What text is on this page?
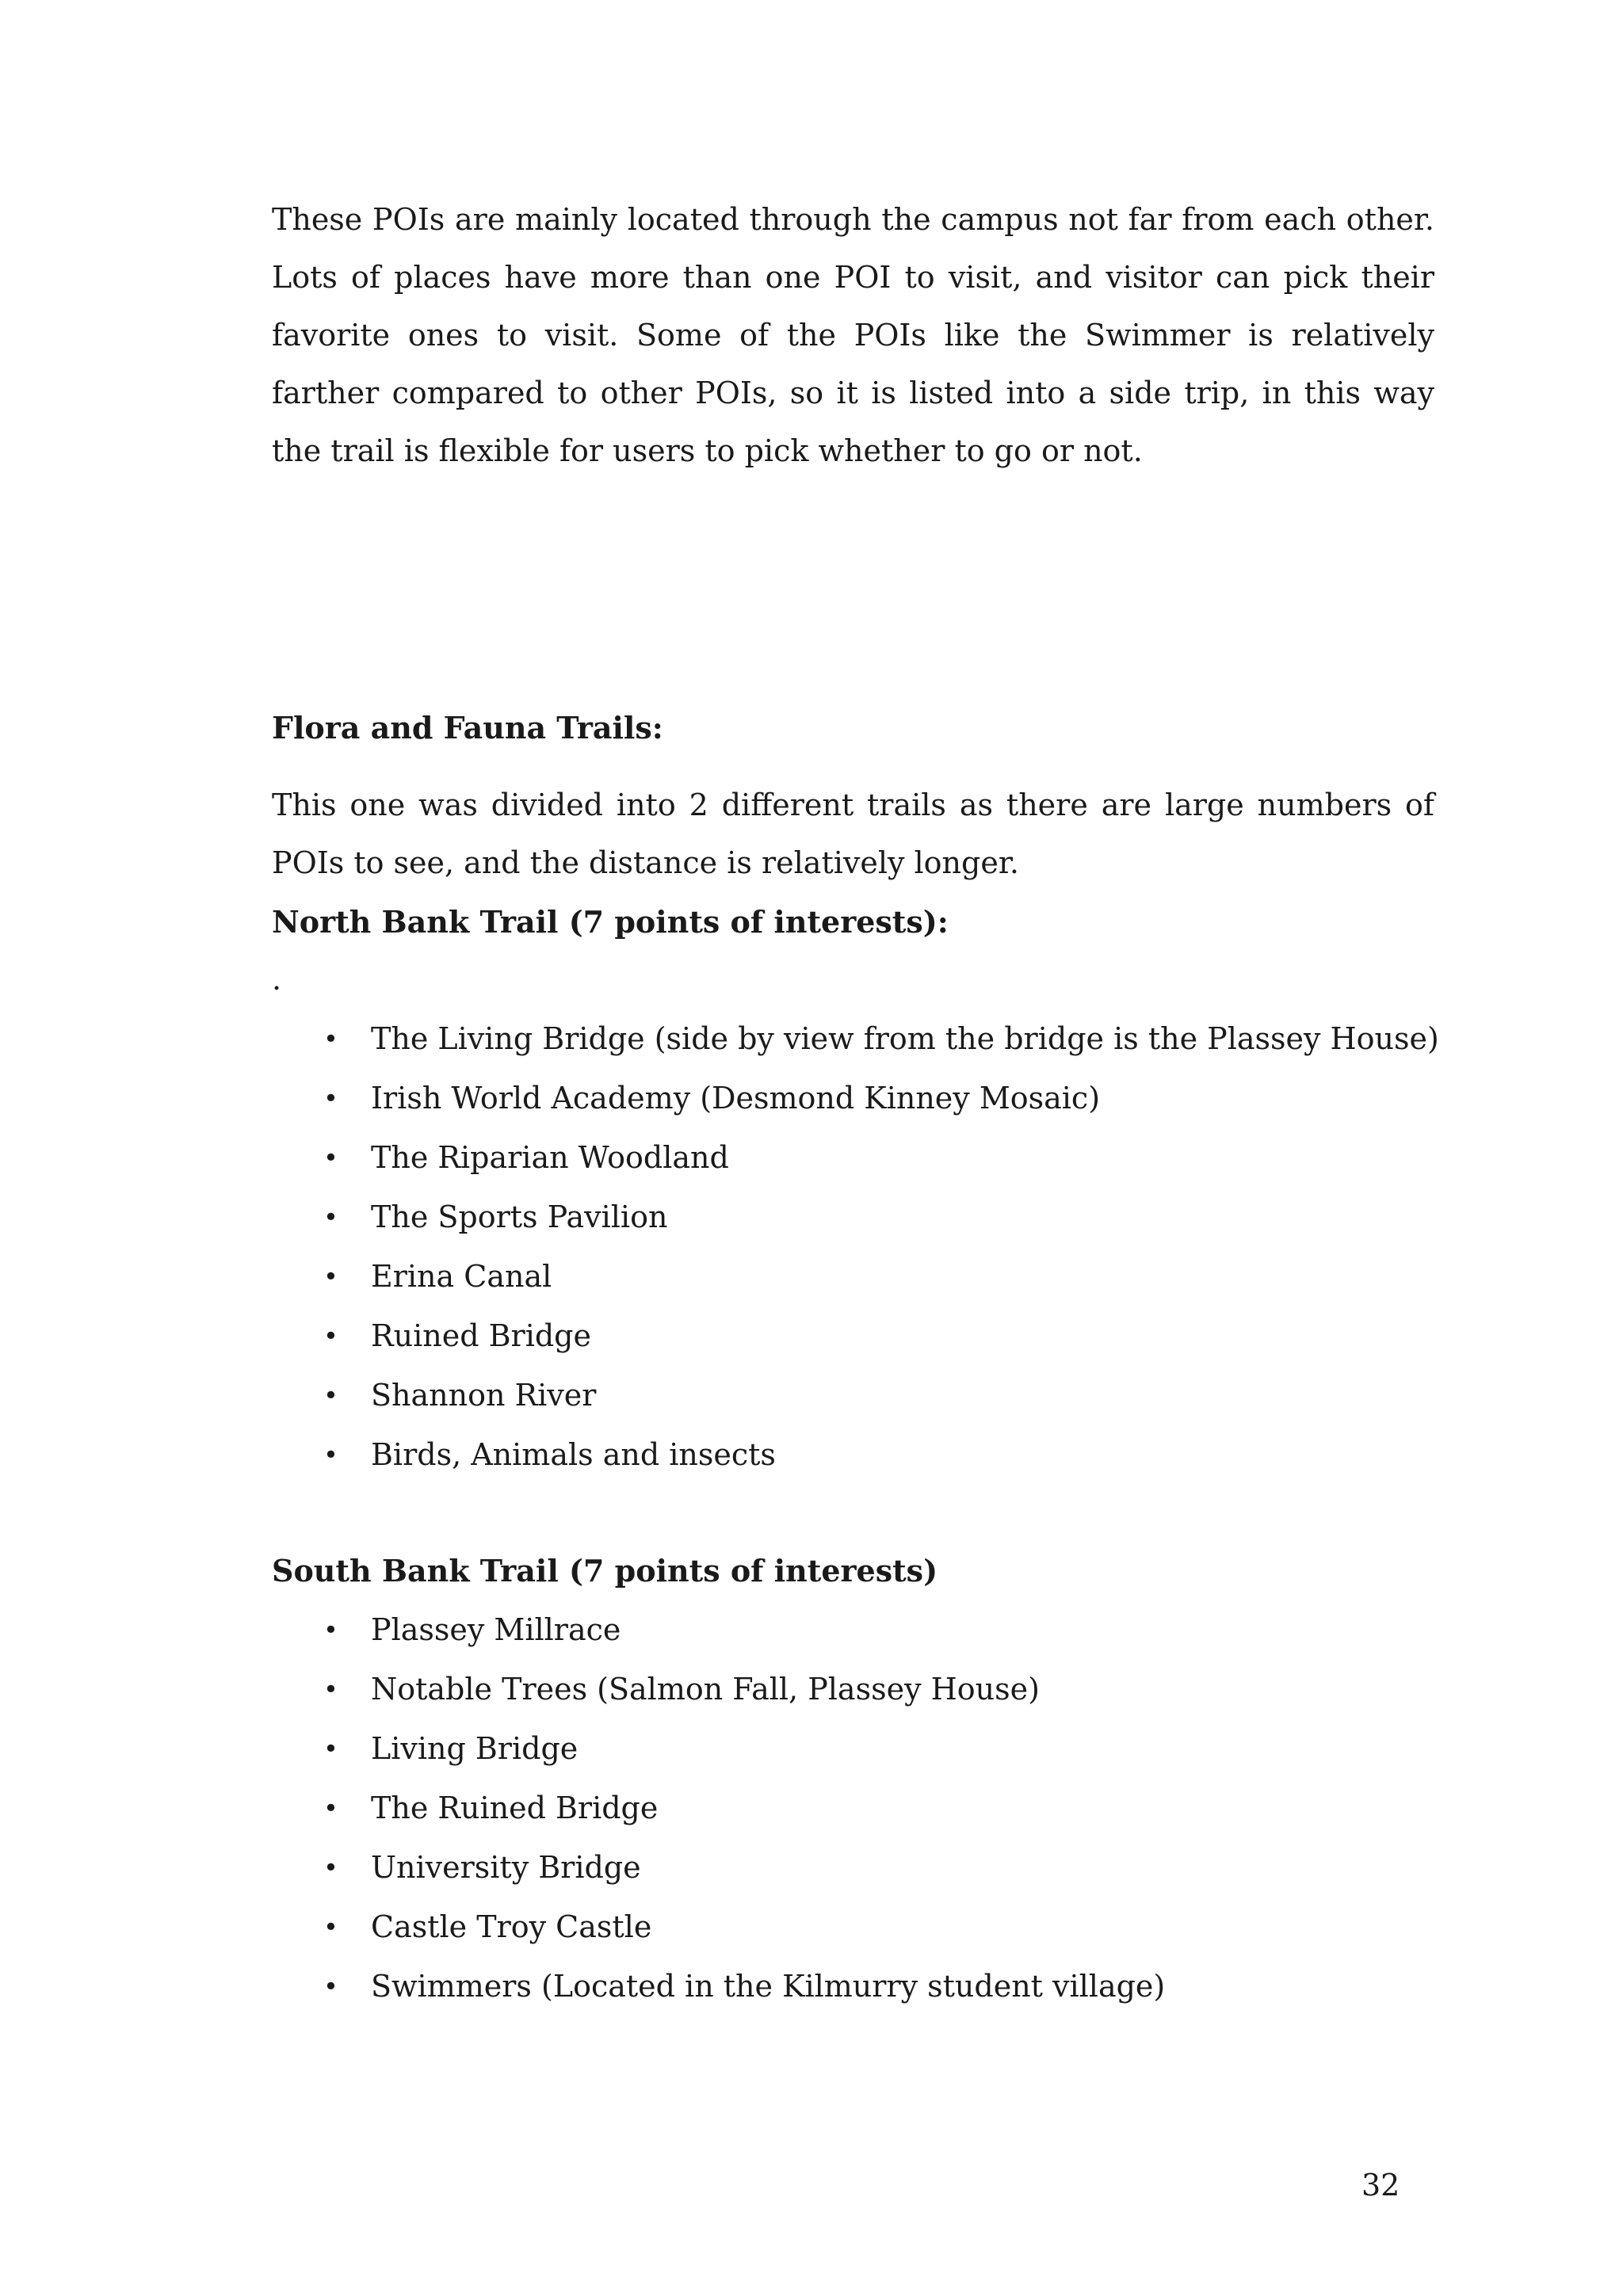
These POIs are mainly located through the campus not far from each other. Lots of places have more than one POI to visit, and visitor can pick their favorite ones to visit. Some of the POIs like the Swimmer is relatively farther compared to other POIs, so it is listed into a side trip, in this way the trail is flexible for users to pick whether to go or not.

Flora and Fauna Trails:

This one was divided into 2 different trails as there are large numbers of POIs to see, and the distance is relatively longer.

North Bank Trail (7 points of interests):

.
• The Living Bridge (side by view from the bridge is the Plassey House)
• Irish World Academy (Desmond Kinney Mosaic)
• The Riparian Woodland
• The Sports Pavilion
• Erina Canal
• Ruined Bridge
• Shannon River
• Birds, Animals and insects

South Bank Trail (7 points of interests)

• Plassey Millrace
• Notable Trees (Salmon Fall, Plassey House)
• Living Bridge
• The Ruined Bridge
• University Bridge
• Castle Troy Castle
• Swimmers (Located in the Kilmurry student village)
32
